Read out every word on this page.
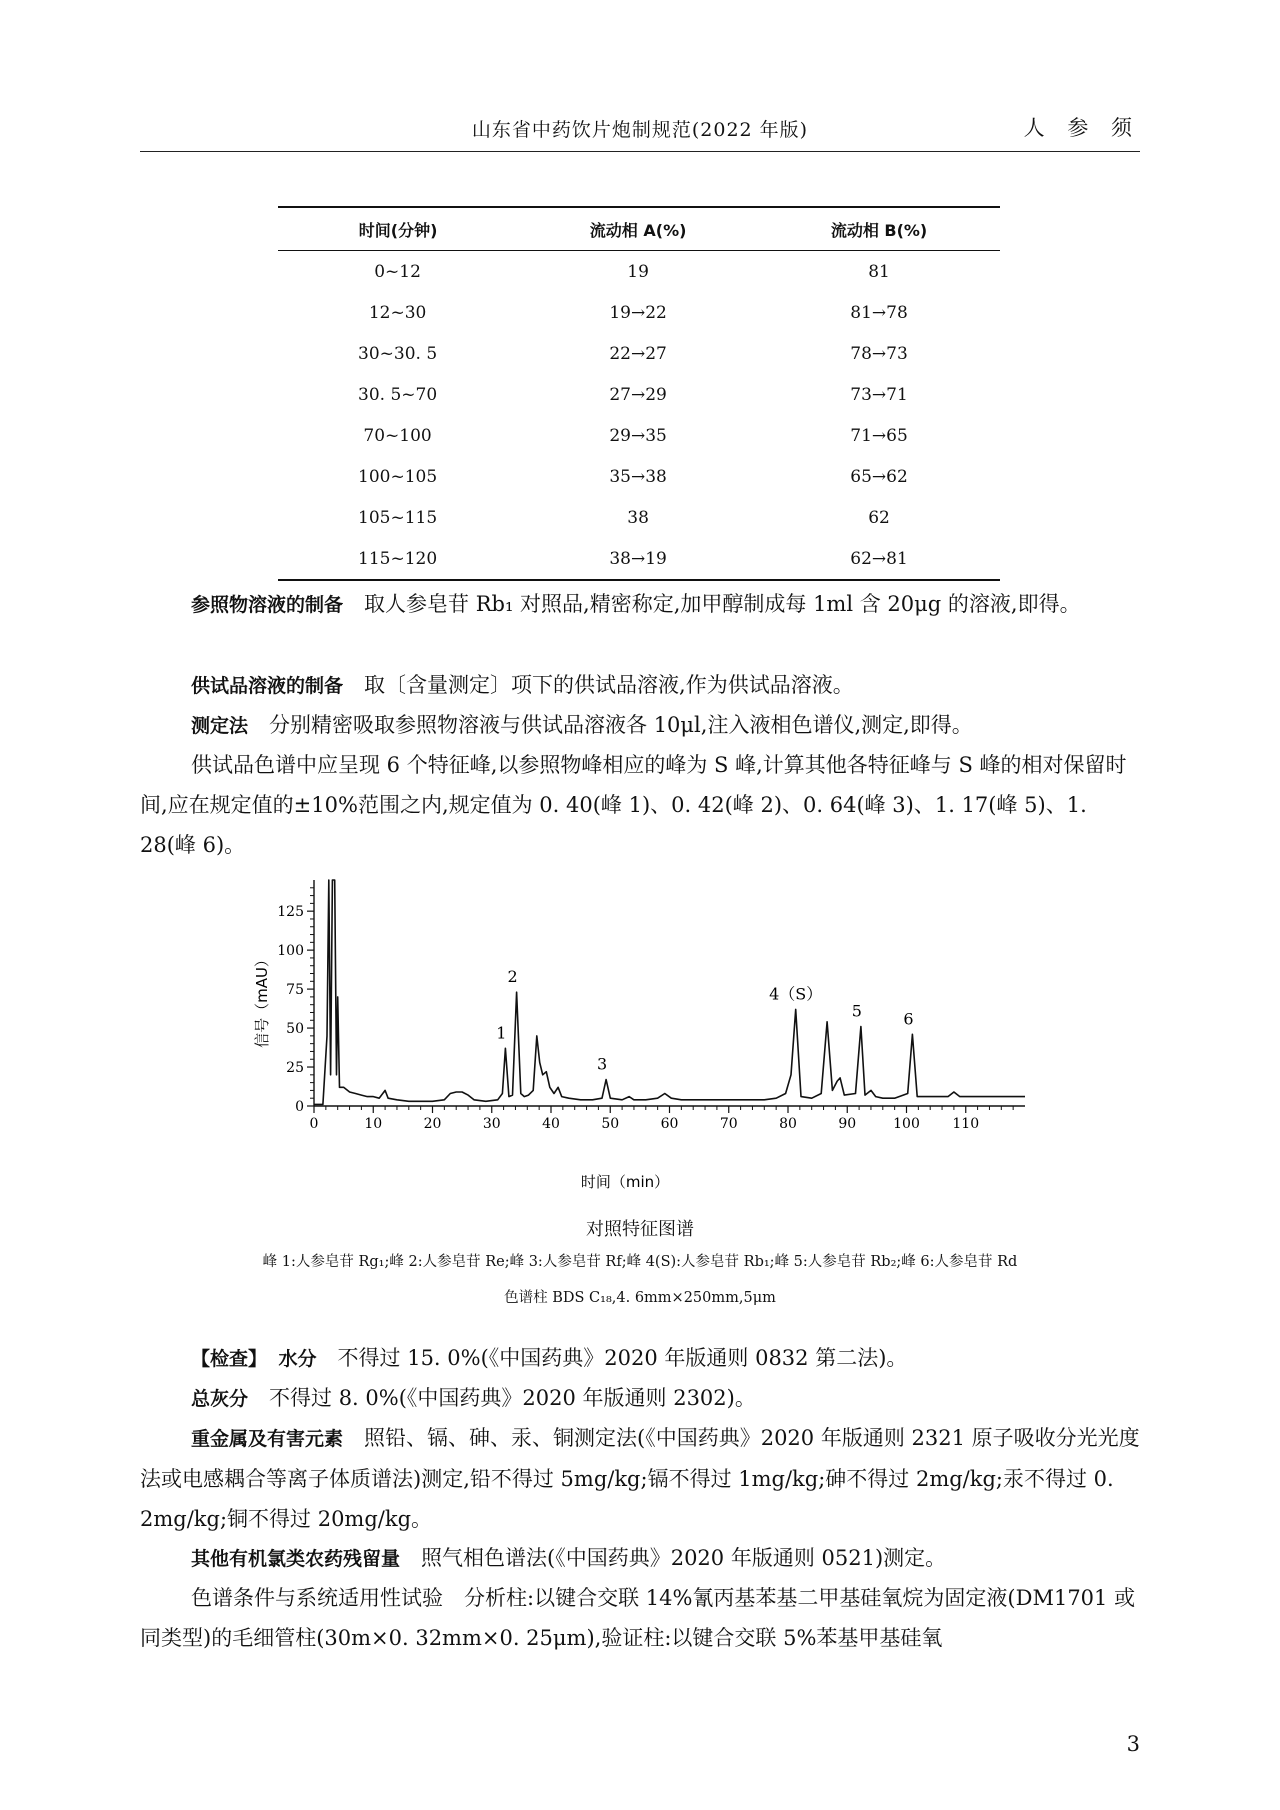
山东省中药饮片炮制规范(2022 年版)	人 参 须
时间(分钟)	流动相 A(%)	流动相 B(%)
0~12	19	81
12~30	19→22	81→78
30~30. 5	22→27	78→73
30. 5~70	27→29	73→71
70~100	29→35	71→65
100~105	35→38	65→62
105~115	38	62
115~120	38→19	62→81
参照物溶液的制备　 取人参皂苷 Rb₁ 对照品,精密称定,加甲醇制成每 1ml 含 20μg 的溶液,即得。
供试品溶液的制备　 取〔含量测定〕项下的供试品溶液,作为供试品溶液。
测定法　 分别精密吸取参照物溶液与供试品溶液各 10μl,注入液相色谱仪,测定,即得。
供试品色谱中应呈现 6 个特征峰,以参照物峰相应的峰为 S 峰,计算其他各特征峰与 S 峰的相对保留时间,应在规定值的±10%范围之内,规定值为 0. 40(峰 1)、0. 42(峰 2)、0. 64(峰 3)、1. 17(峰 5)、1. 28(峰 6)。
0	10	20	30	40	50	60	70	80	90	100 110
0
25
50
75
100
125
1
2
3
4（S）
5	6
信号（mAU）
时间（min）
对照特征图谱
峰 1:人参皂苷 Rg₁;峰 2:人参皂苷 Re;峰 3:人参皂苷 Rf;峰 4(S):人参皂苷 Rb₁;峰 5:人参皂苷 Rb₂;峰 6:人参皂苷 Rd
色谱柱 BDS C₁₈,4. 6mm×250mm,5μm
【检查】　 水分　 不得过 15. 0%(《中国药典》2020 年版通则 0832 第二法)。
总灰分　 不得过 8. 0%(《中国药典》2020 年版通则 2302)。
重金属及有害元素　 照铅、镉、砷、汞、铜测定法(《中国药典》2020 年版通则 2321 原子吸收分光光度法或电感耦合等离子体质谱法)测定,铅不得过 5mg/kg;镉不得过 1mg/kg;砷不得过 2mg/kg;汞不得过 0. 2mg/kg;铜不得过 20mg/kg。
其他有机氯类农药残留量　 照气相色谱法(《中国药典》2020 年版通则 0521)测定。
色谱条件与系统适用性试验　分析柱:以键合交联 14%氰丙基苯基二甲基硅氧烷为固定液(DM1701 或同类型)的毛细管柱(30m×0. 32mm×0. 25μm),验证柱:以键合交联 5%苯基甲基硅氧
3
